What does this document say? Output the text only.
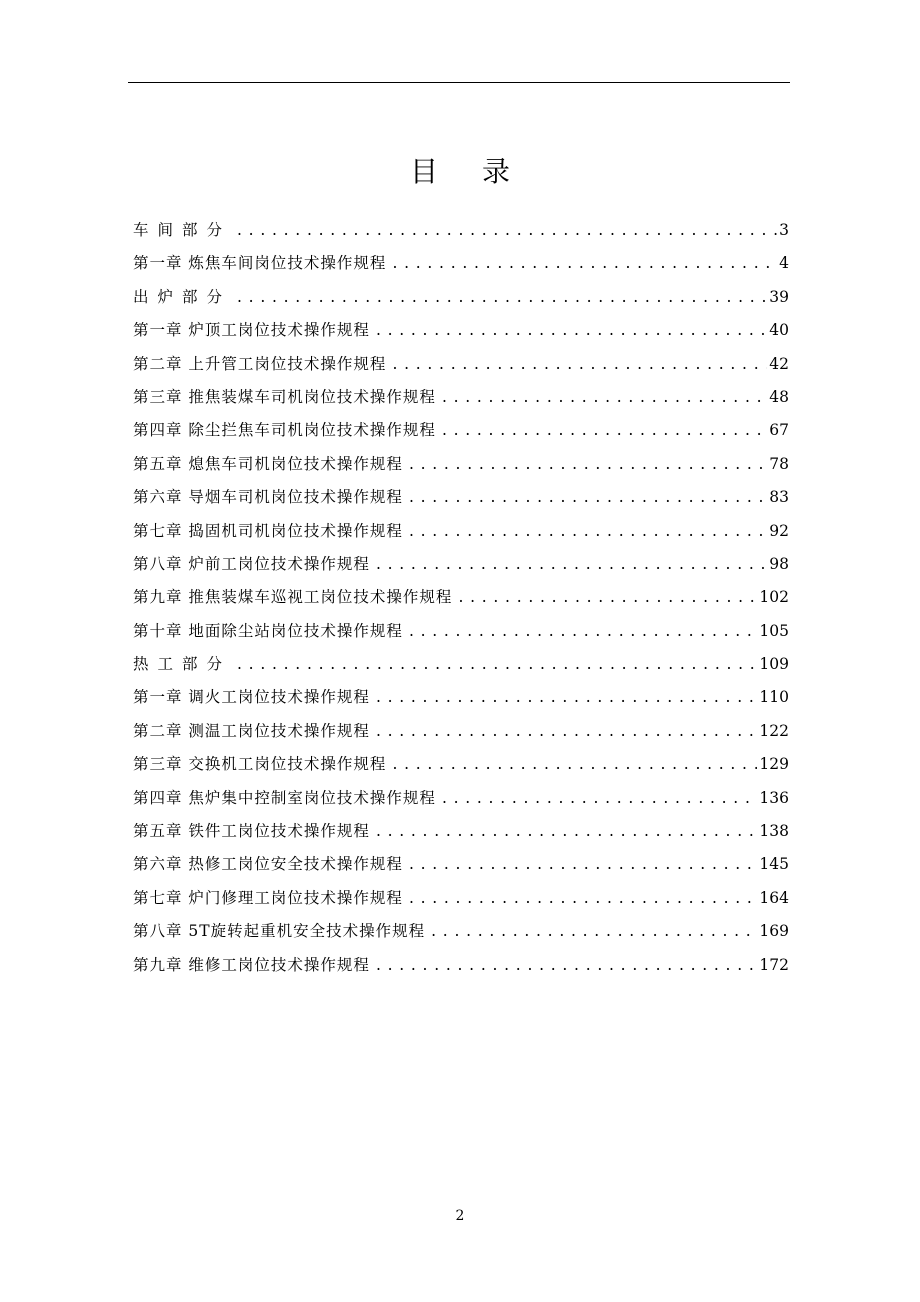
目录
车间部分 . . .	3
第一章 炼焦车间岗位技术操作规程 . . .	4
出炉部分 . . .	39
第一章 炉顶工岗位技术操作规程 . . .	40
第二章 上升管工岗位技术操作规程 . . .	42
第三章 推焦装煤车司机岗位技术操作规程 . . .	48
第四章 除尘拦焦车司机岗位技术操作规程 . . .	67
第五章 熄焦车司机岗位技术操作规程 . . .	78
第六章 导烟车司机岗位技术操作规程 . . .	83
第七章 捣固机司机岗位技术操作规程 . . .	92
第八章 炉前工岗位技术操作规程 . . .	98
第九章 推焦装煤车巡视工岗位技术操作规程 . . .	102
第十章 地面除尘站岗位技术操作规程 . . .	105
热工部分 . . .	109
第一章 调火工岗位技术操作规程 . . .	110
第二章 测温工岗位技术操作规程 . . .	122
第三章 交换机工岗位技术操作规程 . . .	129
第四章 焦炉集中控制室岗位技术操作规程 . . .	136
第五章 铁件工岗位技术操作规程 . . .	138
第六章 热修工岗位安全技术操作规程 . . .	145
第七章 炉门修理工岗位技术操作规程 . . .	164
第八章 5T旋转起重机安全技术操作规程 . . .	169
第九章 维修工岗位技术操作规程 . . .	172
2
